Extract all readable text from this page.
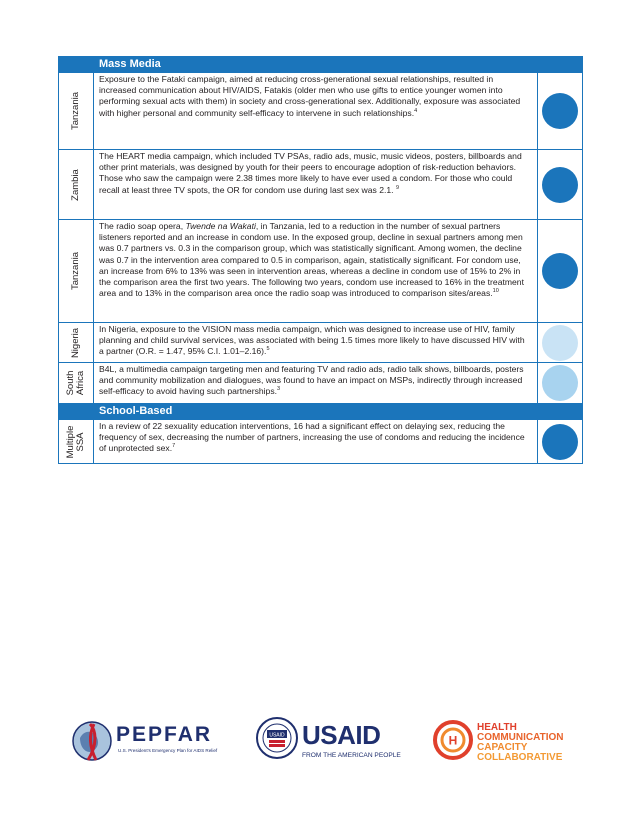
Mass Media
Tanzania
Exposure to the Fataki campaign, aimed at reducing cross-generational sexual relationships, resulted in increased communication about HIV/AIDS, Fatakis (older men who use gifts to entice younger women into performing sexual acts with them) in society and cross-generational sex. Additionally, exposure was associated with higher personal and community self-efficacy to intervene in such relationships.$^4$
Zambia
The HEART media campaign, which included TV PSAs, radio ads, music, music videos, posters, billboards and other print materials, was designed by youth for their peers to encourage adoption of risk-reduction behaviors. Those who saw the campaign were 2.38 times more likely to have ever used a condom. For those who could recall at least three TV spots, the OR for condom use during last sex was 2.1. $^9$
Tanzania
The radio soap opera, Twende na Wakati, in Tanzania, led to a reduction in the number of sexual partners listeners reported and an increase in condom use. In the exposed group, decline in sexual partners among men was 0.7 partners vs. 0.3 in the comparison group, which was statistically significant. Among women, the decline was 0.7 in the intervention area compared to 0.5 in comparison, again, statistically significant. For condom use, an increase from 6% to 13% was seen in intervention areas, whereas a decline in condom use of 15% to 2% in the comparison area the first two years. The following two years, condom use increased to 16% in the treatment area and to 13% in the comparison area once the radio soap was introduced to comparison sites/areas.$^{10}$
Nigeria	In Nigeria, exposure to the VISION mass media campaign, which was designed to increase use of HIV, family planning and child survival services, was associated with being 1.5 times more likely to have discussed HIV with a partner (O.R. = 1.47, 95% C.I. 1.01–2.16).$^5$
South
Africa
B4L, a multimedia campaign targeting men and featuring TV and radio ads, radio talk shows, billboards, posters and community mobilization and dialogues, was found to have an impact on MSPs, indirectly through increased self-efficacy to avoid having such partnerships.$^3$
School-Based
Multiple
SSA
In a review of 22 sexuality education interventions, 16 had a significant effect on delaying sex, reducing the frequency of sex, decreasing the number of partners, increasing the use of condoms and reducing the incidence of unprotected sex.$^7$
PEPFAR
U.S. President's Emergency Plan for AIDS Relief
USAID USAID
FROM THE AMERICAN PEOPLE
H
HEALTH
COMMUNICATION
CAPACITY
COLLABORATIVE
